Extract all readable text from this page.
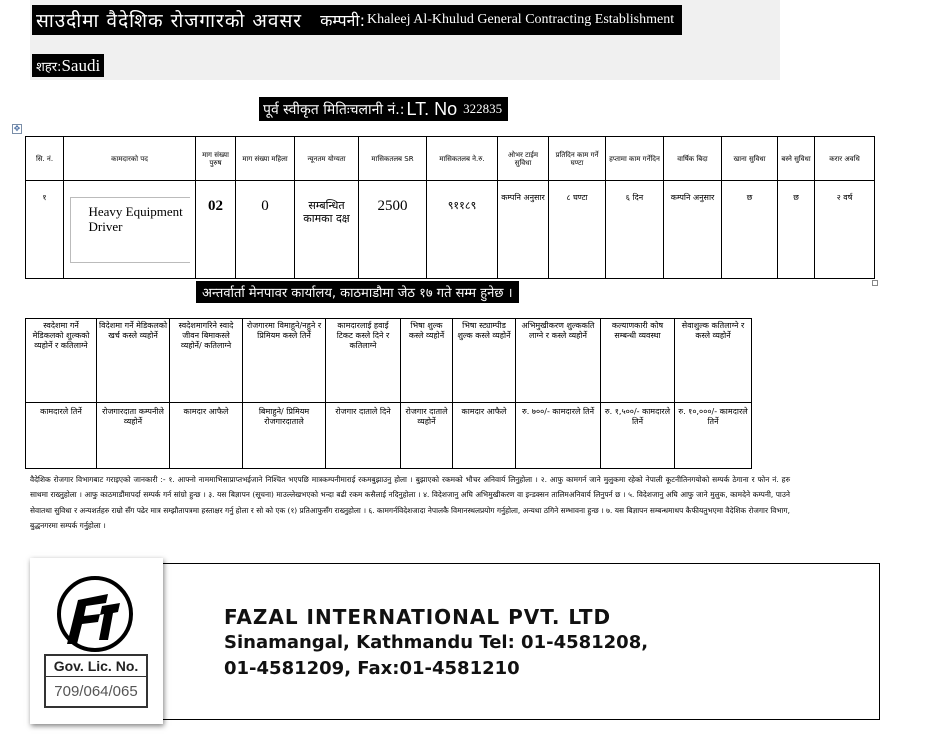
साउदीमा वैदेशिक रोजगारको अवसर कम्पनी: Khaleej Al-Khulud General Contracting Establishment
शहर: Saudi
पूर्व स्वीकृत मितिःचलानी नं.: LT. No 322835
✥
सि. नं.	कामदारको पद	माग संख्या पुरुष	माग संख्या महिला	न्यूनतम योग्यता	मासिकतलब SR	मासिकतलब ने.रु.	ओभर टाईम सुविधा	प्रतिदिन काम गर्ने घण्टा	हप्तामा काम गर्नेदिन	वार्षिक बिदा	खाना सुविधा	बस्ने सुविधा	करार अवधि
१	Heavy Equipment Driver	02	0	सम्बन्धित कामका दक्ष	2500	९११८९	कम्पनि अनुसार	८ घण्टा	६ दिन	कम्पनि अनुसार	छ	छ	२ वर्ष
अन्तर्वार्ता मेनपावर कार्यालय, काठमाडौमा जेठ १७ गते सम्म हुनेछ ।
स्वदेशमा गर्ने मेडिकलको शुल्कको व्यहोर्ने र कतिलाग्ने	विदेशमा गर्ने मेडिकलको खर्च कस्ले व्यहोर्ने	स्वदेशमागरिने स्वादे जीवन बिमाकस्ले व्यहोर्ने/ कतिलाग्ने	रोजगारमा विमाहुने/नहुने र प्रिमियम कस्ले तिर्ने	कामदारलाई हवाई टिकट कस्ले दिने र कतिलाग्ने	भिषा शुल्क कस्ले व्यहोर्ने	भिषा स्ट्याम्पीड शुल्क कस्ले व्यहोर्ने	अभिमुखीकरण शुल्ककति लाग्ने र कस्ले व्यहोर्ने	कल्याणकारी कोष सम्बन्धी व्यवस्था	सेवाशुल्क कतिलाग्ने र कस्ले व्यहोर्ने
कामदारले तिर्ने	रोजगारदाता कम्पनीले व्यहोर्ने	कामदार आफैले	बिमाहुने/ प्रिमियम रोजगारदाताले	रोजगार दाताले दिने	रोजगार दाताले व्यहोर्ने	कामदार आफैले	रु. ७००/- कामदारले तिर्ने	रु. १,५००/- कामदारले तिर्ने	रु. १०,०००/- कामदारले तिर्ने

वैदेशिक रोजगार विभागबाट गराइएको जानकारी :- १. आफ्नो नाममाभिसाप्राप्तभईजाने निश्चित भएपछि मात्रकम्पनीमाराई रकमबुझाउनु होला । बुझाएको रकमको भौचर अनिवार्य लिनुहोला । २. आफु कामगर्न जाने मुलुकमा रहेको नेपाली कूटनीतिनगयोको सम्पर्क ठेगाना र फोन नं. हरु साथमा राख्नुहोला । आफु काठमाडौंमापर्दा सम्पर्क गर्न सांग्रो हुन्छ । ३. यस बिज्ञापन (सूचना) माउल्लेखभएको भन्दा बढी रकम कसैलाई नदिनुहोला । ४. विदेशजानु अघि अभिमुखीकरण वा इन्डक्सन तालिमअनिवार्य लिनुपर्न छ । ५. विदेशजानु अघि आफु जाने मुलुक, कामदेने कम्पनी, पाउने सेवातथा सुविधा र अन्यशर्तहरु राम्रो सँग पढेर मात्र सम्झौतापत्रमा हस्ताक्षर गर्नु होला र सो को एक (१) प्रतिआफुसँग राख्नुहोला । ६. कामगर्नविदेशजादा नेपालकै विमानस्थलप्रयोग गर्नुहोला, अन्यथा ठगिने सम्भावना हुन्छ । ७. यस बिज्ञापन सम्बन्धमाथप कैफीयतुभएमा वैदेशिक रोजगार विभाग, बुद्धनगरमा सम्पर्क गर्नुहोला ।

Gov. Lic. No.
709/064/065
FAZAL INTERNATIONAL PVT. LTD
Sinamangal, Kathmandu Tel: 01-4581208,
01-4581209, Fax:01-4581210
